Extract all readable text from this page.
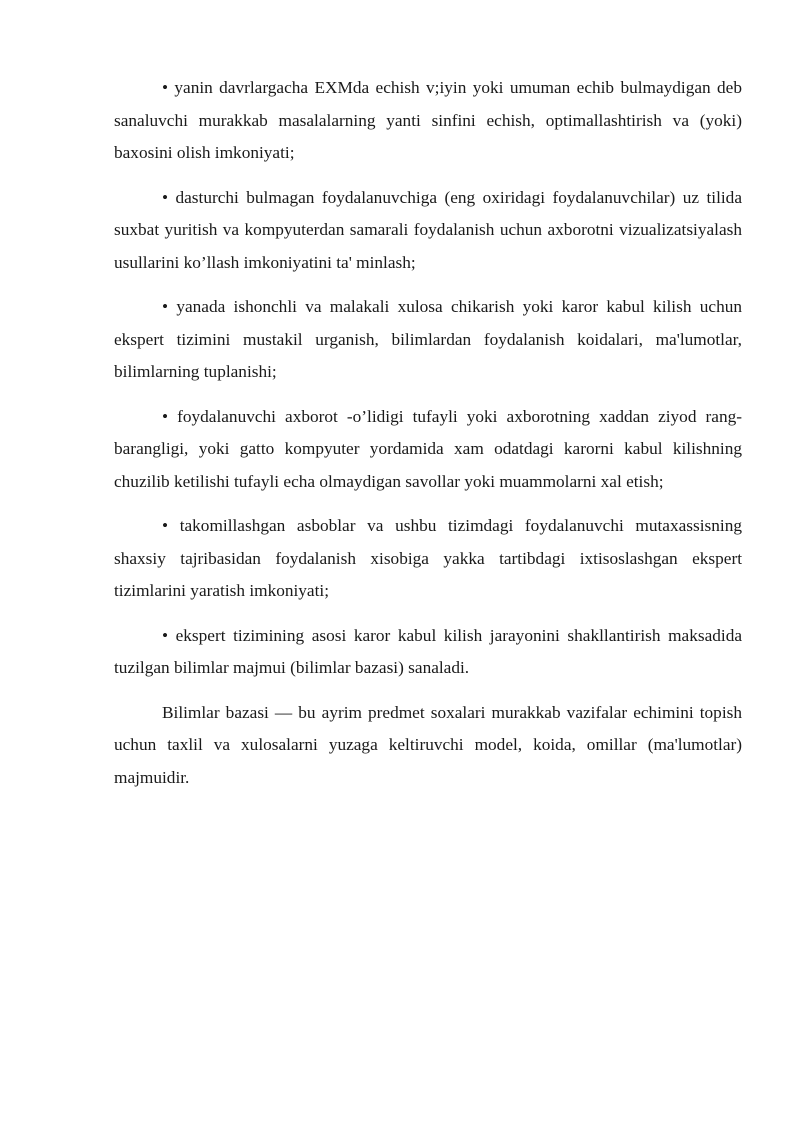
• yanin davrlargacha EXMda echish v;iyin yoki umuman echib bulmaydigan deb sanaluvchi murakkab masalalarning yanti sinfini echish, optimallashtirish va (yoki) baxosini olish imkoniyati;

• dasturchi bulmagan foydalanuvchiga (eng oxiridagi foydalanuvchilar) uz tilida suxbat yuritish va kompyuterdan samarali foydalanish uchun axborotni vizualizatsiyalash usullarini ko’llash imkoniyatini ta' minlash;

• yanada ishonchli va malakali xulosa chikarish yoki karor kabul kilish uchun ekspert tizimini mustakil urganish, bilimlardan foydalanish koidalari, ma'lumotlar, bilimlarning tuplanishi;

• foydalanuvchi axborot -o’lidigi tufayli yoki axborotning xaddan ziyod rang-barangligi, yoki gatto kompyuter yordamida xam odatdagi karorni kabul kilishning chuzilib ketilishi tufayli echa olmaydigan savollar yoki muammolarni xal etish;

• takomillashgan asboblar va ushbu tizimdagi foydalanuvchi mutaxassisning shaxsiy tajribasidan foydalanish xisobiga yakka tartibdagi ixtisoslashgan ekspert tizimlarini yaratish imkoniyati;

• ekspert tizimining asosi karor kabul kilish jarayonini shakllantirish maksadida tuzilgan bilimlar majmui (bilimlar bazasi) sanaladi.

Bilimlar bazasi — bu ayrim predmet soxalari murakkab vazifalar echimini topish uchun taxlil va xulosalarni yuzaga keltiruvchi model, koida, omillar (ma'lumotlar) majmuidir.
